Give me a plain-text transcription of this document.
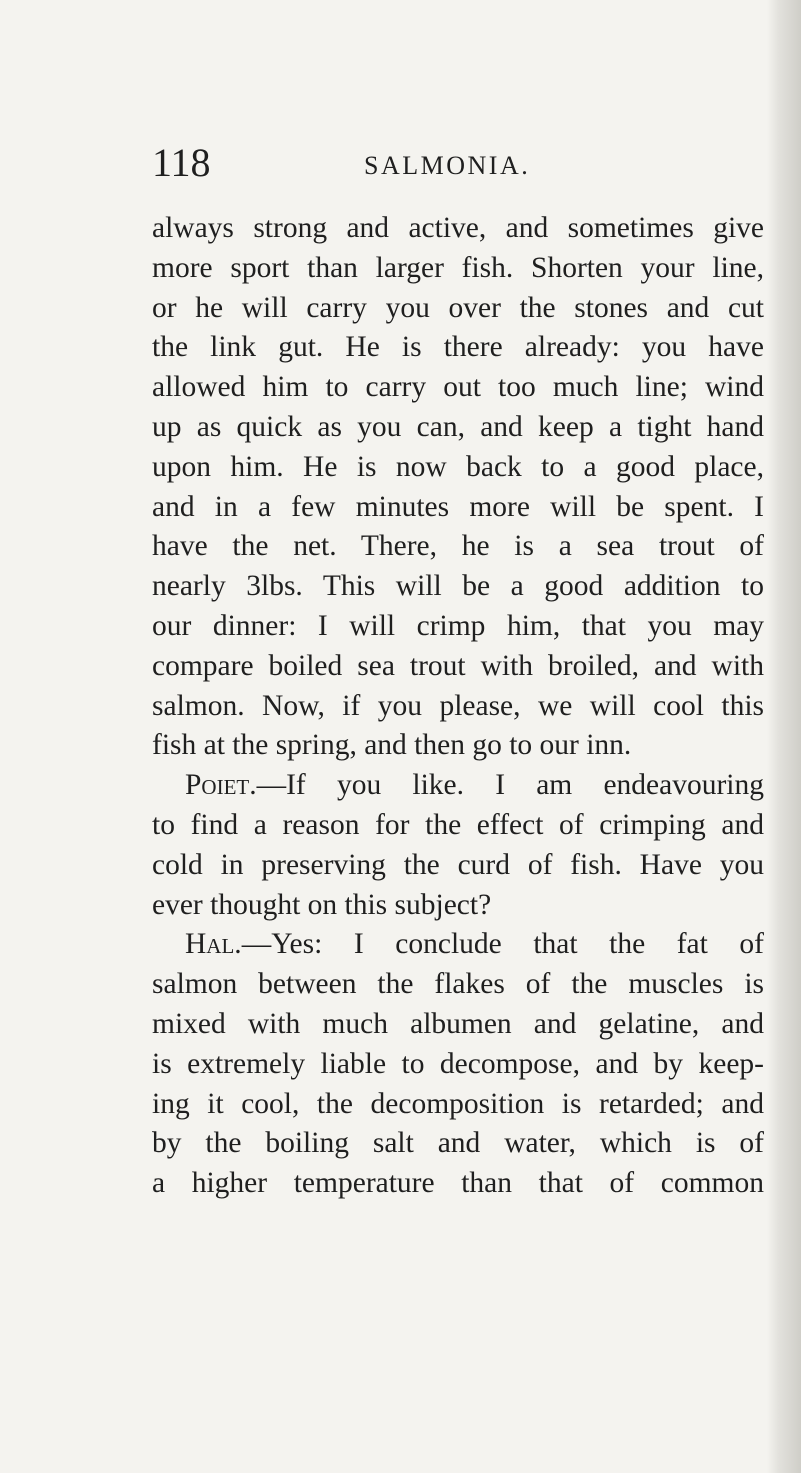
118	SALMONIA.
always strong and active, and sometimes give
more sport than larger fish. Shorten your line,
or he will carry you over the stones and cut
the link gut. He is there already: you have
allowed him to carry out too much line; wind
up as quick as you can, and keep a tight hand
upon him. He is now back to a good place,
and in a few minutes more will be spent. I
have the net. There, he is a sea trout of
nearly 3lbs. This will be a good addition to
our dinner: I will crimp him, that you may
compare boiled sea trout with broiled, and with
salmon. Now, if you please, we will cool this
fish at the spring, and then go to our inn.
Poiet.—If you like. I am endeavouring
to find a reason for the effect of crimping and
cold in preserving the curd of fish. Have you
ever thought on this subject?
Hal.—Yes: I conclude that the fat of
salmon between the flakes of the muscles is
mixed with much albumen and gelatine, and
is extremely liable to decompose, and by keep-
ing it cool, the decomposition is retarded; and
by the boiling salt and water, which is of
a higher temperature than that of common
